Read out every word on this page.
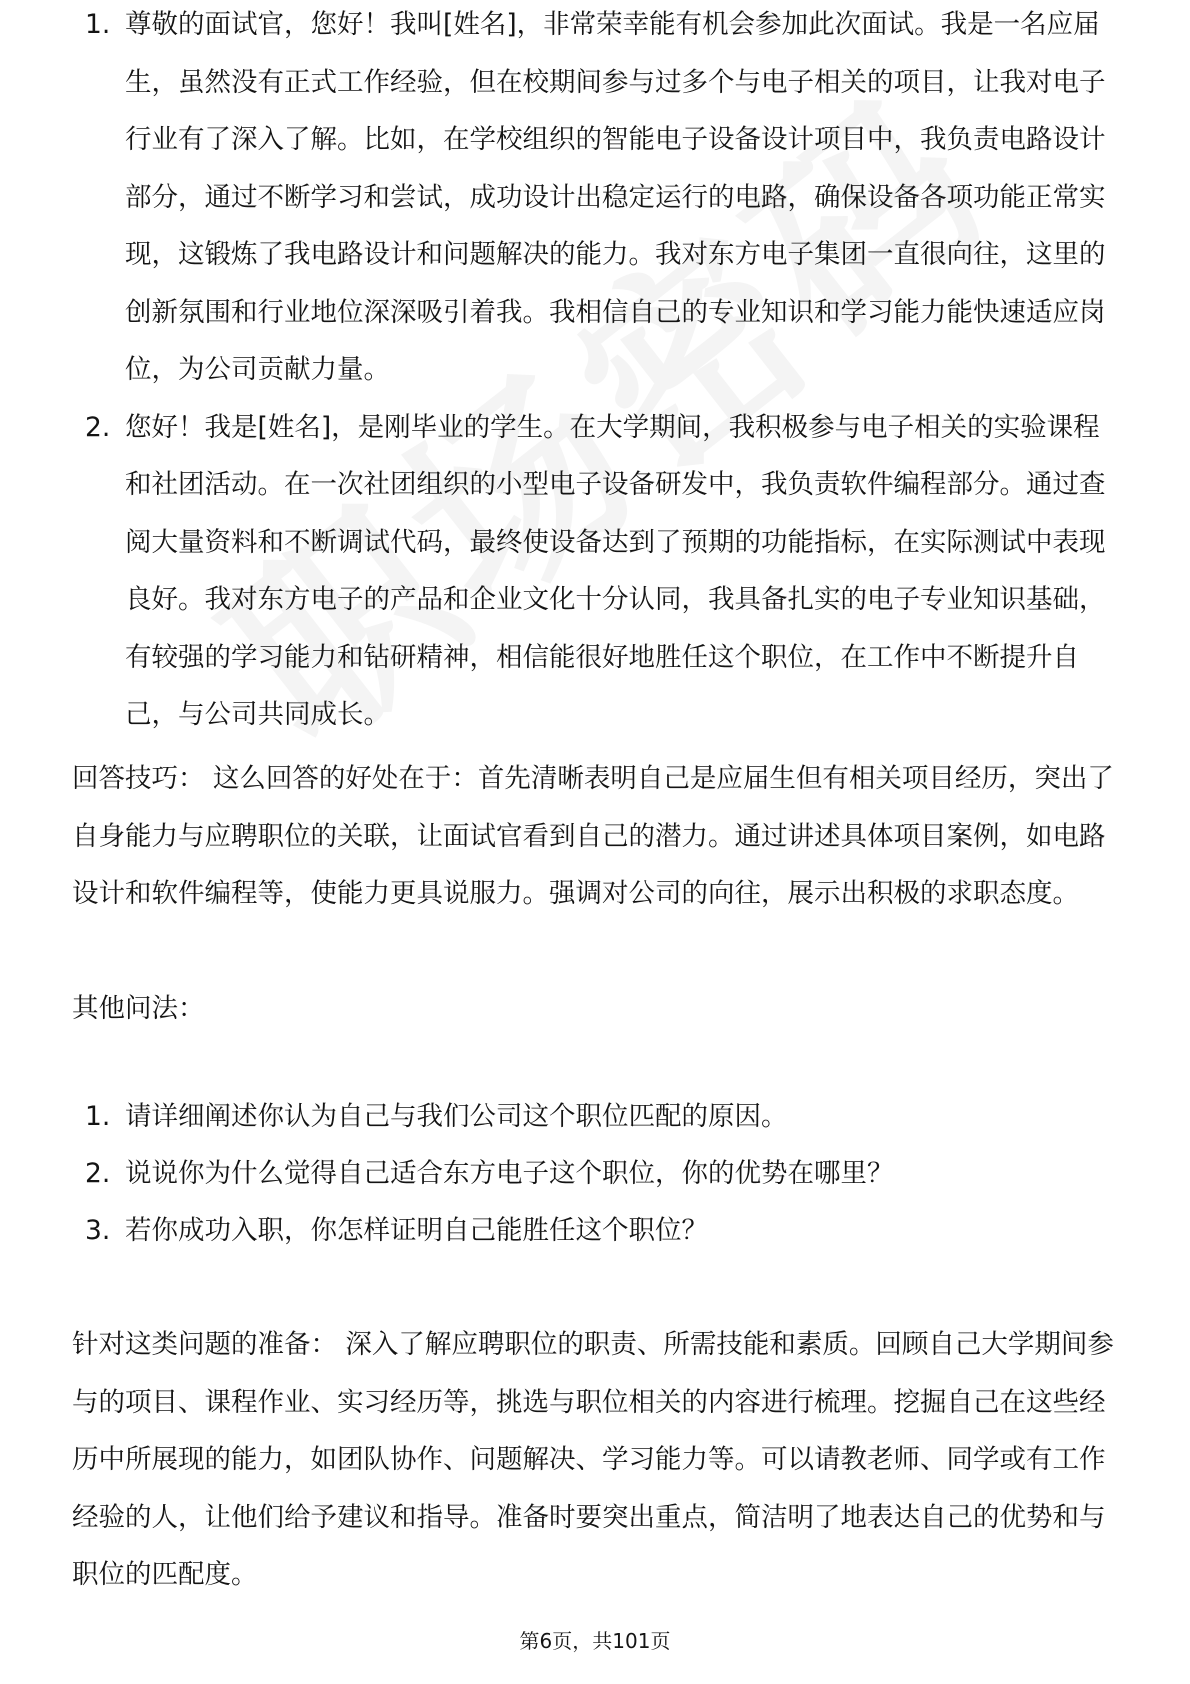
1. 尊敬的面试官，您好！我叫[姓名]，非常荣幸能有机会参加此次面试。我是一名应届生，虽然没有正式工作经验，但在校期间参与过多个与电子相关的项目，让我对电子行业有了深入了解。比如，在学校组织的智能电子设备设计项目中，我负责电路设计部分，通过不断学习和尝试，成功设计出稳定运行的电路，确保设备各项功能正常实现，这锻炼了我电路设计和问题解决的能力。我对东方电子集团一直很向往，这里的创新氛围和行业地位深深吸引着我。我相信自己的专业知识和学习能力能快速适应岗位，为公司贡献力量。
2. 您好！我是[姓名]，是刚毕业的学生。在大学期间，我积极参与电子相关的实验课程和社团活动。在一次社团组织的小型电子设备研发中，我负责软件编程部分。通过查阅大量资料和不断调试代码，最终使设备达到了预期的功能指标，在实际测试中表现良好。我对东方电子的产品和企业文化十分认同，我具备扎实的电子专业知识基础，有较强的学习能力和钻研精神，相信能很好地胜任这个职位，在工作中不断提升自己，与公司共同成长。
回答技巧： 这么回答的好处在于：首先清晰表明自己是应届生但有相关项目经历，突出了自身能力与应聘职位的关联，让面试官看到自己的潜力。通过讲述具体项目案例，如电路设计和软件编程等，使能力更具说服力。强调对公司的向往，展示出积极的求职态度。
其他问法：
1. 请详细阐述你认为自己与我们公司这个职位匹配的原因。
2. 说说你为什么觉得自己适合东方电子这个职位，你的优势在哪里？
3. 若你成功入职，你怎样证明自己能胜任这个职位？
针对这类问题的准备： 深入了解应聘职位的职责、所需技能和素质。回顾自己大学期间参与的项目、课程作业、实习经历等，挑选与职位相关的内容进行梳理。挖掘自己在这些经历中所展现的能力，如团队协作、问题解决、学习能力等。可以请教老师、同学或有工作经验的人，让他们给予建议和指导。准备时要突出重点，简洁明了地表达自己的优势和与职位的匹配度。
第6页，共101页
